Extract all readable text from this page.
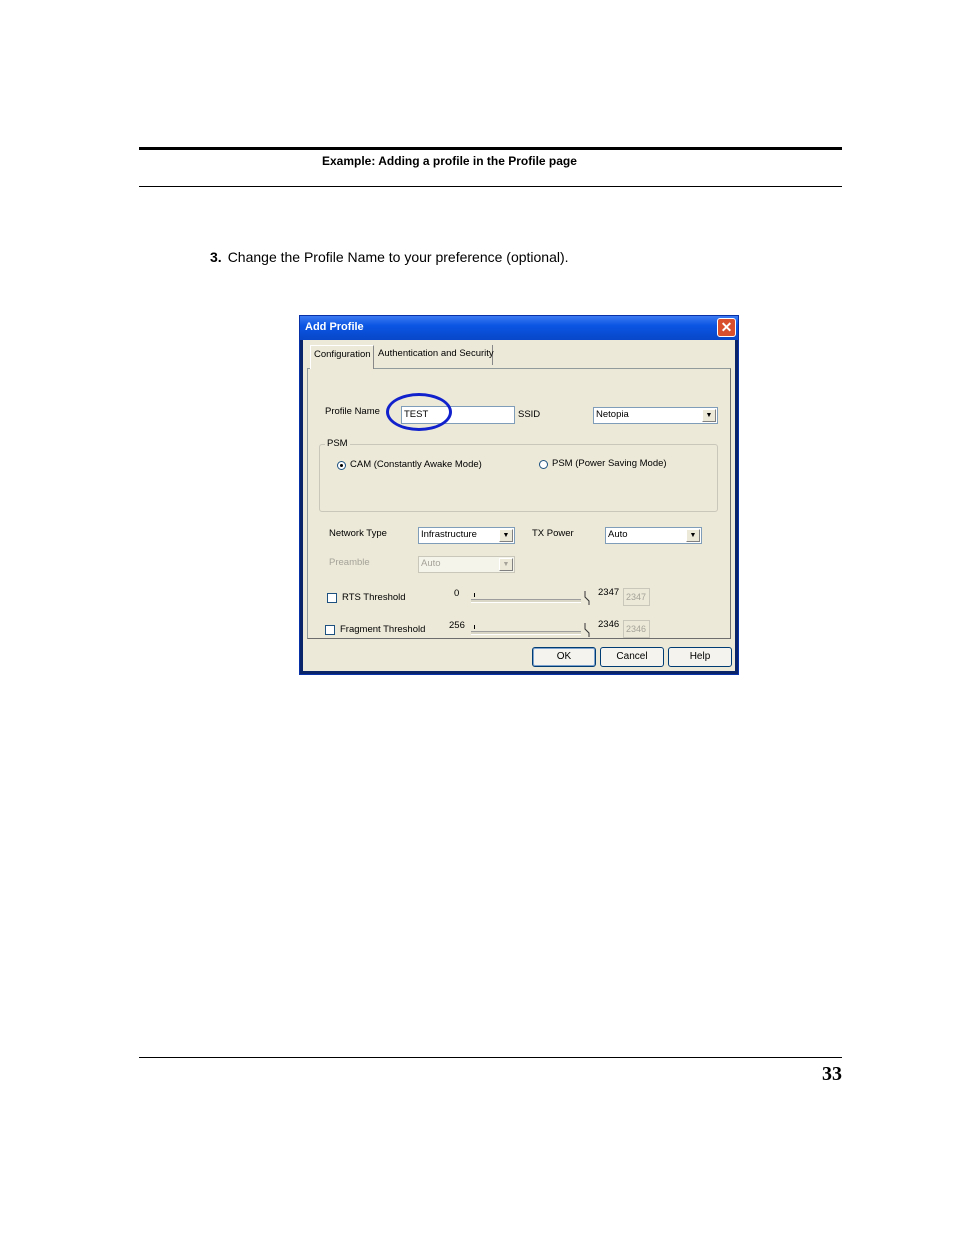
Example: Adding a profile in the Profile page
3. Change the Profile Name to your preference (optional).
Add Profile	✕
Configuration Authentication and Security
Profile Name	TEST	SSID	Netopia	▼
PSM
CAM (Constantly Awake Mode)	PSM (Power Saving Mode)
Network Type	Infrastructure	▼	TX Power	Auto	▼
Preamble	Auto	▼
RTS Threshold	0	2347 2347
Fragment Threshold 256	2346 2346
OK	Cancel	Help
33
